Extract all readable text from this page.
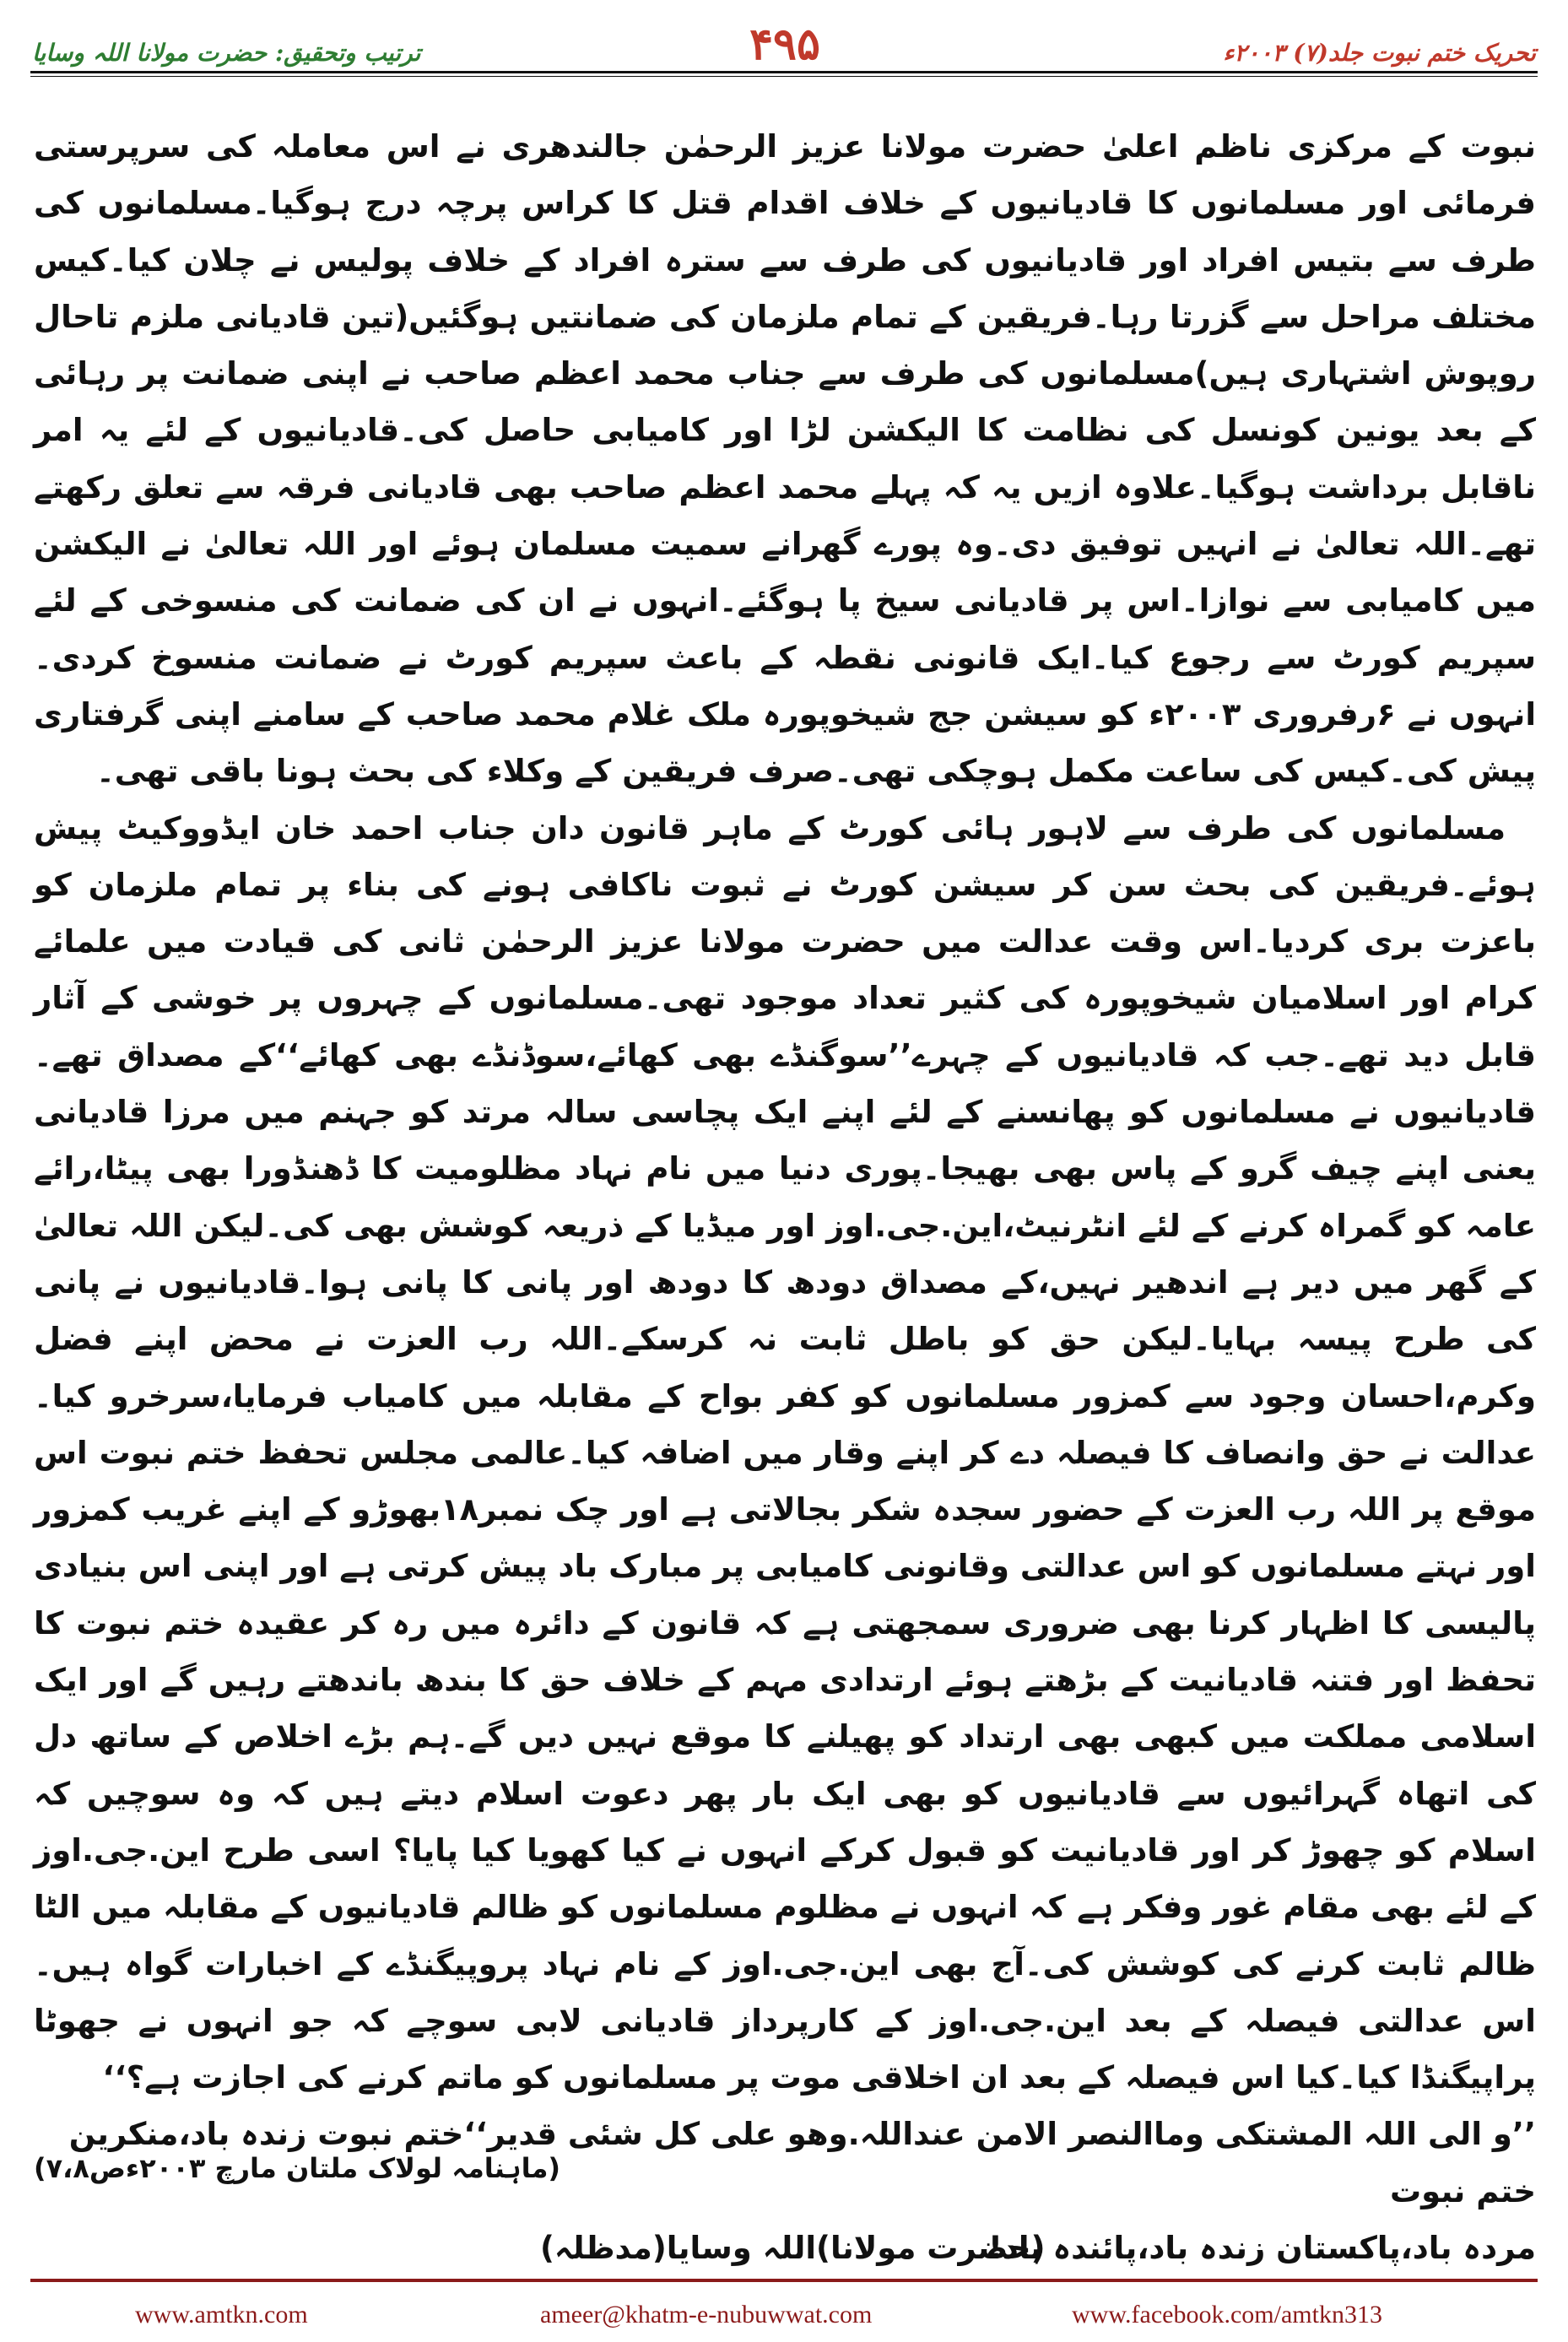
ترتیب وتحقیق: حضرت مولانا اللہ وسایا	۴۹۵	تحریک ختم نبوت جلد(۷) ۲۰۰۳ء

نبوت کے مرکزی ناظم اعلیٰ حضرت مولانا عزیز الرحمٰن جالندھری نے اس معاملہ کی سرپرستی فرمائی اور مسلمانوں کا قادیانیوں کے خلاف اقدام قتل کا کراس پرچہ درج ہوگیا۔مسلمانوں کی طرف سے بتیس افراد اور قادیانیوں کی طرف سے سترہ افراد کے خلاف پولیس نے چلان کیا۔کیس مختلف مراحل سے گزرتا رہا۔فریقین کے تمام ملزمان کی ضمانتیں ہوگئیں(تین قادیانی ملزم تاحال روپوش اشتہاری ہیں)مسلمانوں کی طرف سے جناب محمد اعظم صاحب نے اپنی ضمانت پر رہائی کے بعد یونین کونسل کی نظامت کا الیکشن لڑا اور کامیابی حاصل کی۔قادیانیوں کے لئے یہ امر ناقابل برداشت ہوگیا۔علاوہ ازیں یہ کہ پہلے محمد اعظم صاحب بھی قادیانی فرقہ سے تعلق رکھتے تھے۔اللہ تعالیٰ نے انہیں توفیق دی۔وہ پورے گھرانے سمیت مسلمان ہوئے اور اللہ تعالیٰ نے الیکشن میں کامیابی سے نوازا۔اس پر قادیانی سیخ پا ہوگئے۔انہوں نے ان کی ضمانت کی منسوخی کے لئے سپریم کورٹ سے رجوع کیا۔ایک قانونی نقطہ کے باعث سپریم کورٹ نے ضمانت منسوخ کردی۔انہوں نے ۶رفروری ۲۰۰۳ء کو سیشن جج شیخوپورہ ملک غلام محمد صاحب کے سامنے اپنی گرفتاری پیش کی۔کیس کی ساعت مکمل ہوچکی تھی۔صرف فریقین کے وکلاء کی بحث ہونا باقی تھی۔

مسلمانوں کی طرف سے لاہور ہائی کورٹ کے ماہر قانون دان جناب احمد خان ایڈووکیٹ پیش ہوئے۔فریقین کی بحث سن کر سیشن کورٹ نے ثبوت ناکافی ہونے کی بناء پر تمام ملزمان کو باعزت بری کردیا۔اس وقت عدالت میں حضرت مولانا عزیز الرحمٰن ثانی کی قیادت میں علمائے کرام اور اسلامیان شیخوپورہ کی کثیر تعداد موجود تھی۔مسلمانوں کے چہروں پر خوشی کے آثار قابل دید تھے۔جب کہ قادیانیوں کے چہرے’’سوگنڈے بھی کھائے،سوڈنڈے بھی کھائے‘‘کے مصداق تھے۔قادیانیوں نے مسلمانوں کو پھانسنے کے لئے اپنے ایک پچاسی سالہ مرتد کو جہنم میں مرزا قادیانی یعنی اپنے چیف گرو کے پاس بھی بھیجا۔پوری دنیا میں نام نہاد مظلومیت کا ڈھنڈورا بھی پیٹا،رائے عامہ کو گمراہ کرنے کے لئے انٹرنیٹ،این.جی.اوز اور میڈیا کے ذریعہ کوشش بھی کی۔لیکن اللہ تعالیٰ کے گھر میں دیر ہے اندھیر نہیں،کے مصداق دودھ کا دودھ اور پانی کا پانی ہوا۔قادیانیوں نے پانی کی طرح پیسہ بہایا۔لیکن حق کو باطل ثابت نہ کرسکے۔اللہ رب العزت نے محض اپنے فضل وکرم،احسان وجود سے کمزور مسلمانوں کو کفر بواح کے مقابلہ میں کامیاب فرمایا،سرخرو کیا۔عدالت نے حق وانصاف کا فیصلہ دے کر اپنے وقار میں اضافہ کیا۔عالمی مجلس تحفظ ختم نبوت اس موقع پر اللہ رب العزت کے حضور سجدہ شکر بجالاتی ہے اور چک نمبر۱۸بھوڑو کے اپنے غریب کمزور اور نہتے مسلمانوں کو اس عدالتی وقانونی کامیابی پر مبارک باد پیش کرتی ہے اور اپنی اس بنیادی پالیسی کا اظہار کرنا بھی ضروری سمجھتی ہے کہ قانون کے دائرہ میں رہ کر عقیدہ ختم نبوت کا تحفظ اور فتنہ قادیانیت کے بڑھتے ہوئے ارتدادی مہم کے خلاف حق کا بندھ باندھتے رہیں گے اور ایک اسلامی مملکت میں کبھی بھی ارتداد کو پھیلنے کا موقع نہیں دیں گے۔ہم بڑے اخلاص کے ساتھ دل کی اتھاہ گہرائیوں سے قادیانیوں کو بھی ایک بار پھر دعوت اسلام دیتے ہیں کہ وہ سوچیں کہ اسلام کو چھوڑ کر اور قادیانیت کو قبول کرکے انہوں نے کیا کھویا کیا پایا؟ اسی طرح این.جی.اوز کے لئے بھی مقام غور وفکر ہے کہ انہوں نے مظلوم مسلمانوں کو ظالم قادیانیوں کے مقابلہ میں الٹا ظالم ثابت کرنے کی کوشش کی۔آج بھی این.جی.اوز کے نام نہاد پروپیگنڈے کے اخبارات گواہ ہیں۔اس عدالتی فیصلہ کے بعد این.جی.اوز کے کارپرداز قادیانی لابی سوچے کہ جو انہوں نے جھوٹا پراپیگنڈا کیا۔کیا اس فیصلہ کے بعد ان اخلاقی موت پر مسلمانوں کو ماتم کرنے کی اجازت ہے؟‘‘

’’و الی اللہ المشتکی وماالنصر الامن عنداللہ.وھو علی کل شئی قدیر‘‘ختم نبوت زندہ باد،منکرین ختم نبوت

مردہ باد،پاکستان زندہ باد،پائندہ باد!
(حضرت مولانا)اللہ وسایا(مدظلہ)
(ماہنامہ لولاک ملتان مارچ ۲۰۰۳ءص۷،۸)
www.amtkn.com	ameer@khatm-e-nubuwwat.com	www.facebook.com/amtkn313
